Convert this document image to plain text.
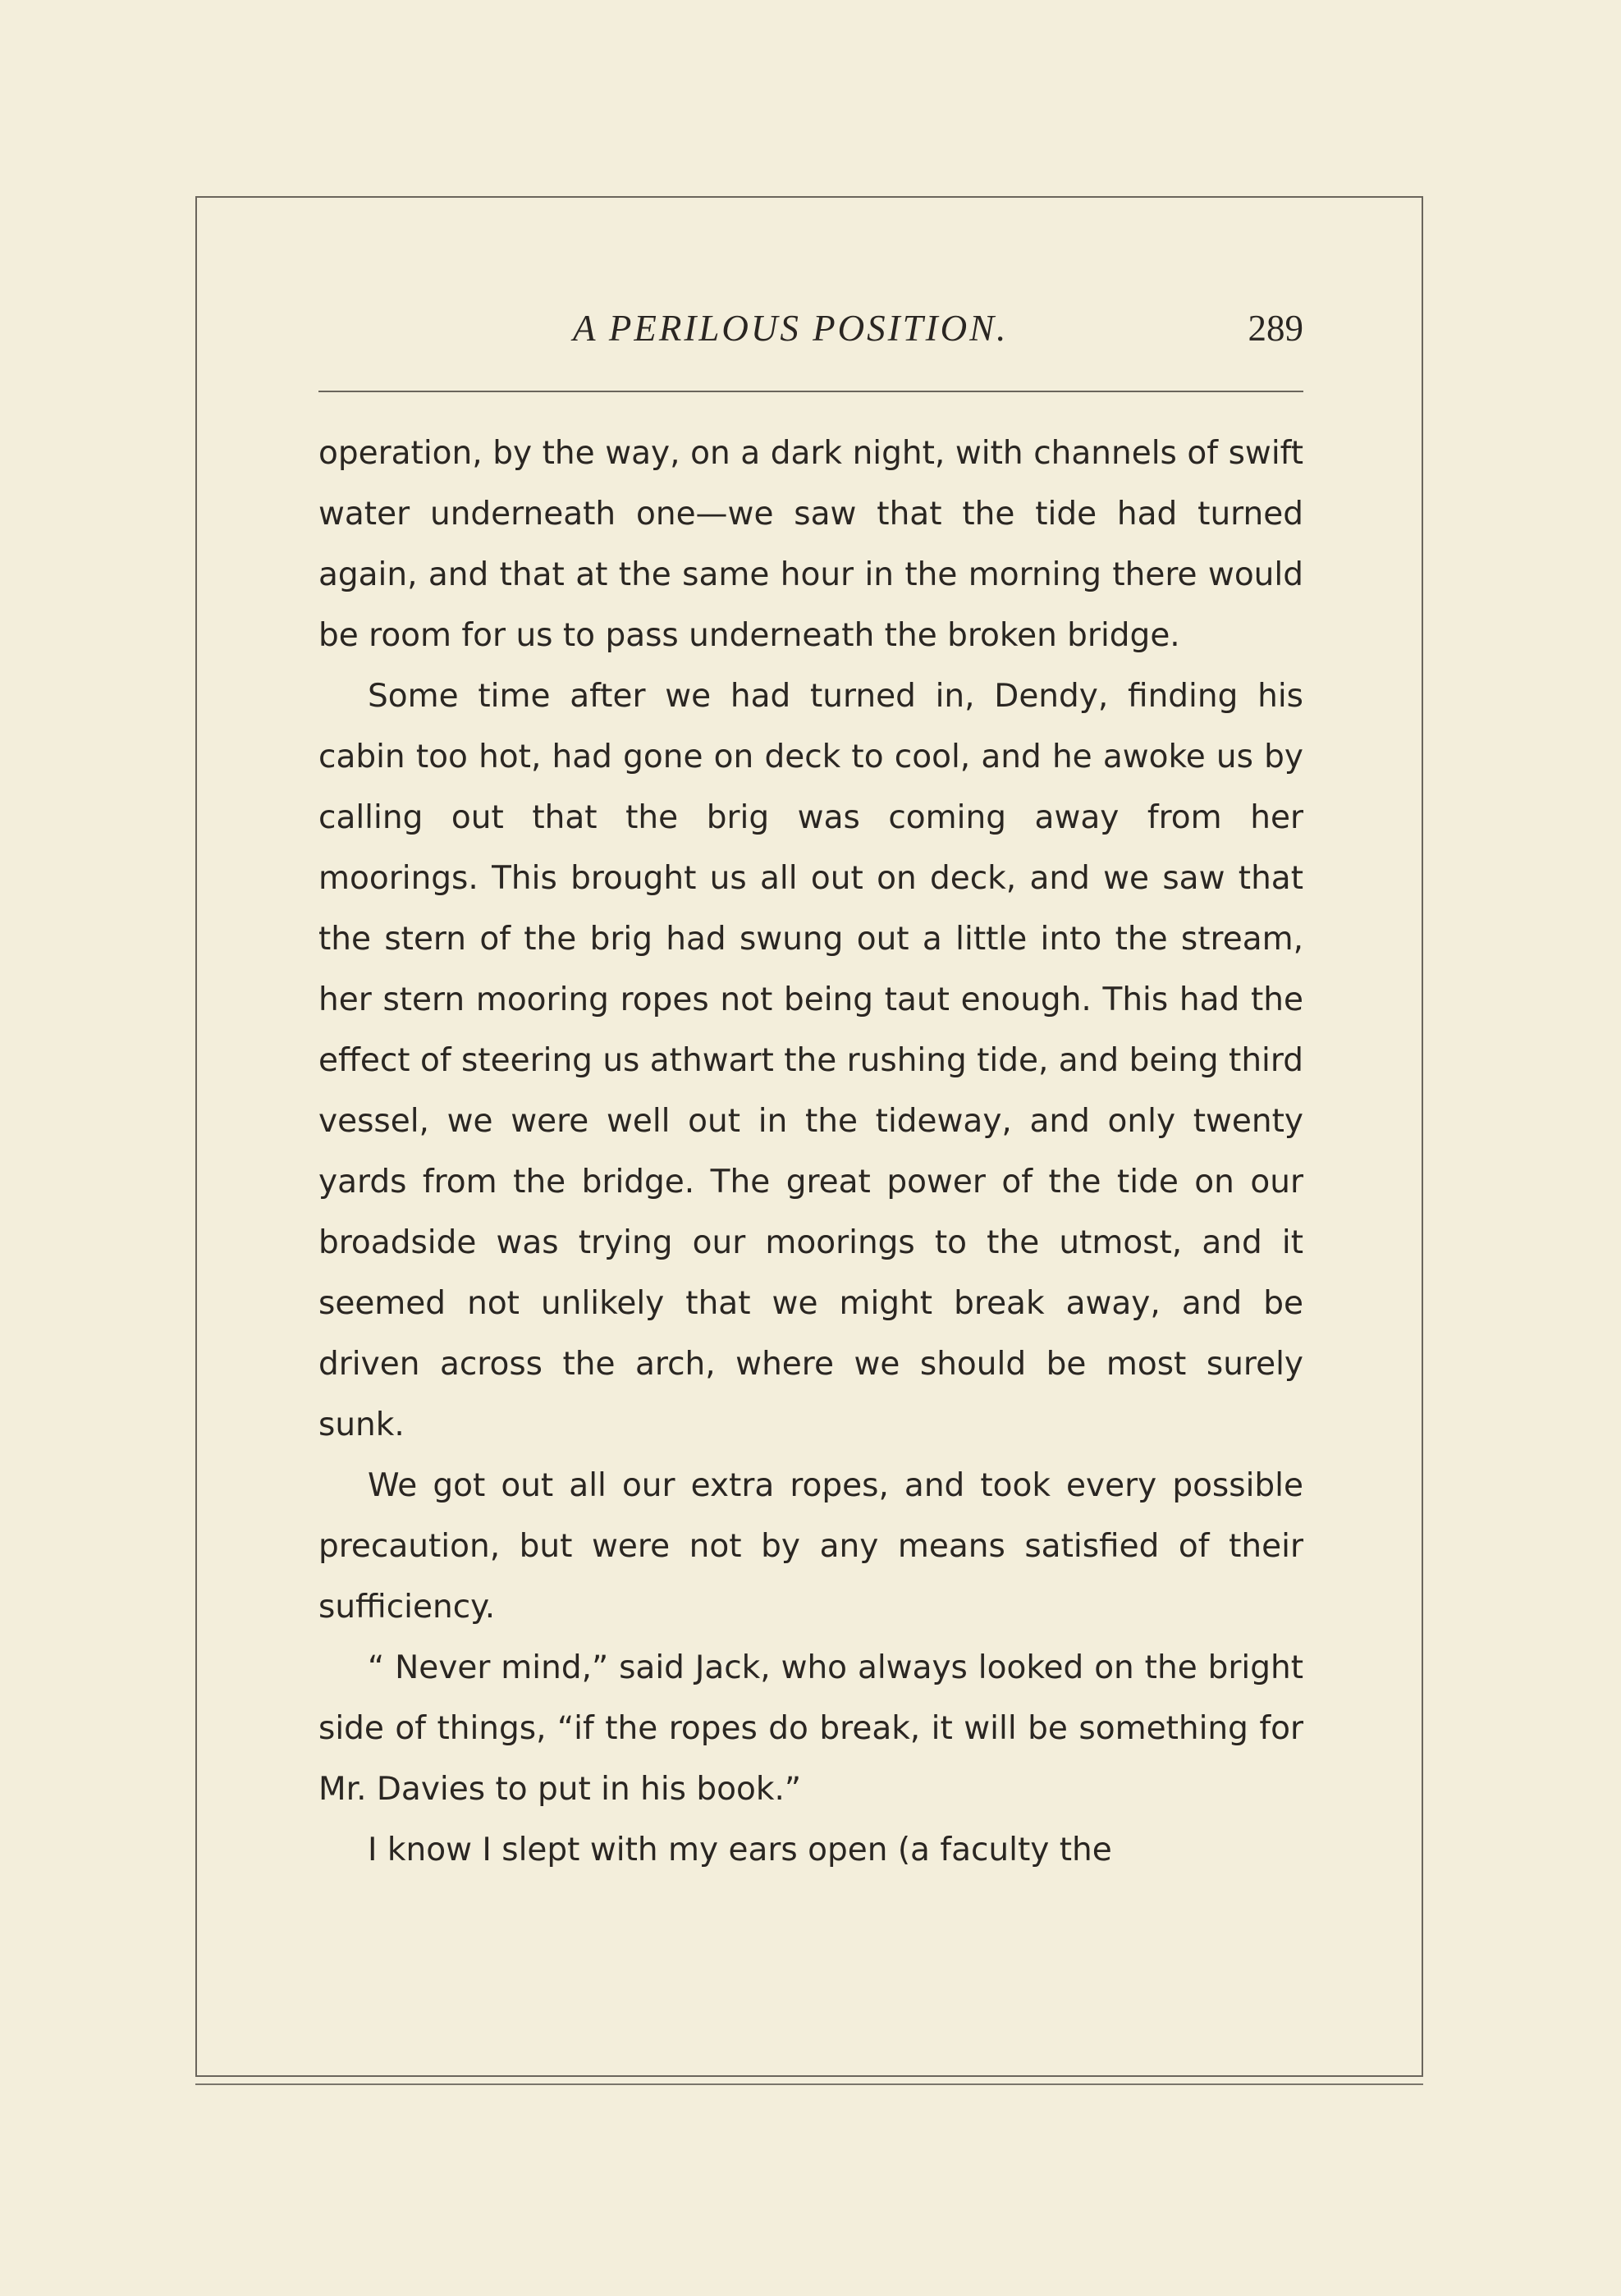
A PERILOUS POSITION.	289

operation, by the way, on a dark night, with channels of swift water underneath one—we saw that the tide had turned again, and that at the same hour in the morning there would be room for us to pass underneath the broken bridge.

Some time after we had turned in, Dendy, finding his cabin too hot, had gone on deck to cool, and he awoke us by calling out that the brig was coming away from her moorings. This brought us all out on deck, and we saw that the stern of the brig had swung out a little into the stream, her stern mooring ropes not being taut enough. This had the effect of steering us athwart the rushing tide, and being third vessel, we were well out in the tideway, and only twenty yards from the bridge. The great power of the tide on our broadside was trying our moorings to the utmost, and it seemed not unlikely that we might break away, and be driven across the arch, where we should be most surely sunk.

We got out all our extra ropes, and took every possible precaution, but were not by any means satisfied of their sufficiency.

“ Never mind,” said Jack, who always looked on the bright side of things, “if the ropes do break, it will be something for Mr. Davies to put in his book.”

I know I slept with my ears open (a faculty the
